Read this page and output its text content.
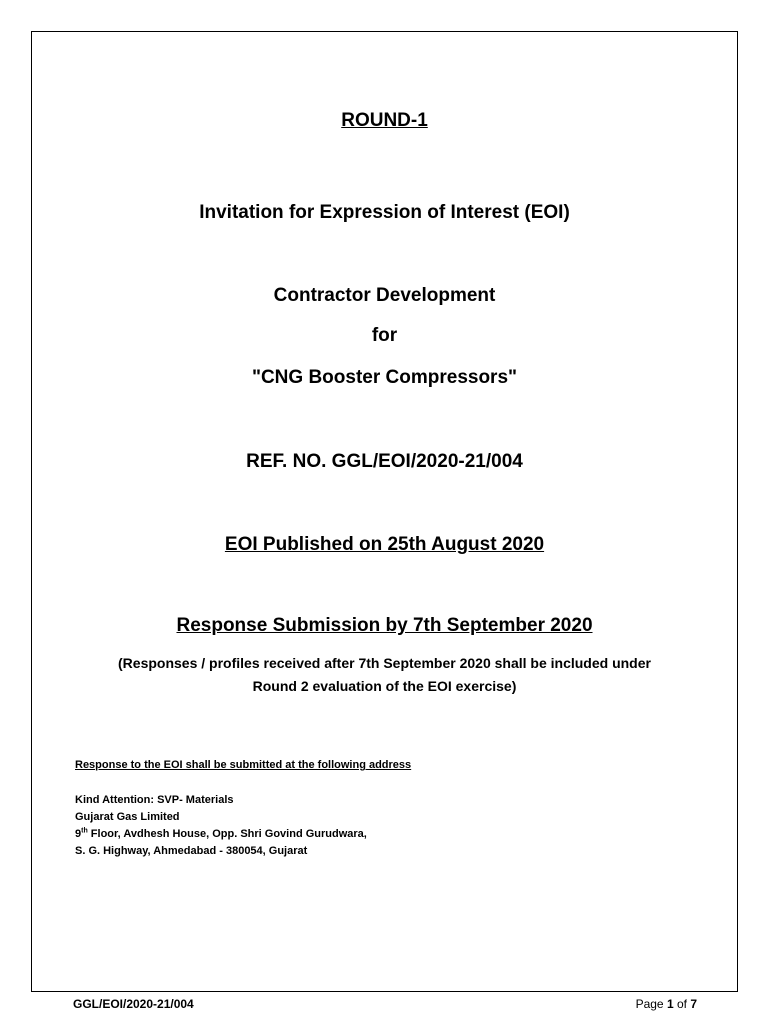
ROUND-1
Invitation for Expression of Interest (EOI)
Contractor Development
for
"CNG Booster Compressors"
REF. NO. GGL/EOI/2020-21/004
EOI Published on 25th August 2020
Response Submission by 7th September 2020
(Responses / profiles received after 7th September 2020 shall be included under
Round 2 evaluation of the EOI exercise)
Response to the EOI shall be submitted at the following address
Kind Attention: SVP- Materials
Gujarat Gas Limited
9th Floor, Avdhesh House, Opp. Shri Govind Gurudwara,
S. G. Highway, Ahmedabad - 380054, Gujarat
GGL/EOI/2020-21/004	Page 1 of 7
